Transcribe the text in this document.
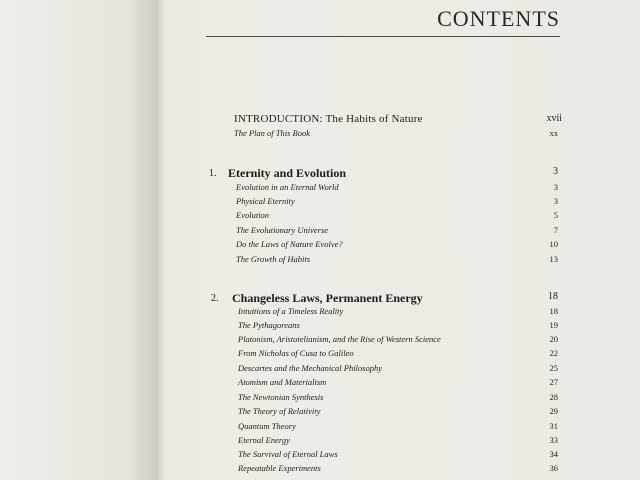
CONTENTS
INTRODUCTION: The Habits of Nature	xvii
The Plan of This Book	xx
1. Eternity and Evolution	3
Evolution in an Eternal World	3
Physical Eternity	3
Evolution	5
The Evolutionary Universe	7
Do the Laws of Nature Evolve?	10
The Growth of Habits	13
2. Changeless Laws, Permanent Energy	18
Intuitions of a Timeless Reality	18
The Pythagoreans	19
Platonism, Aristotelianism, and the Rise of Western Science	20
From Nicholas of Cusa to Galileo	22
Descartes and the Mechanical Philosophy	25
Atomism and Materialism	27
The Newtonian Synthesis	28
The Theory of Relativity	29
Quantum Theory	31
Eternal Energy	33
The Survival of Eternal Laws	34
Repeatable Experiments	36
